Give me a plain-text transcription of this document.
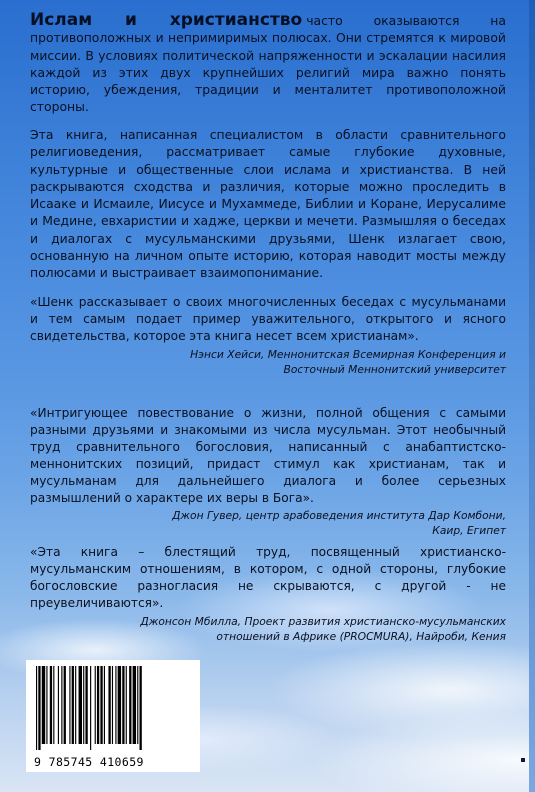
Ислам и христианство часто оказываются на противоположных и непримиримых полюсах. Они стремятся к мировой миссии. В условиях политической напряженности и эскалации насилия каждой из этих двух крупнейших религий мира важно понять историю, убеждения, традиции и менталитет противоположной стороны.
Эта книга, написанная специалистом в области сравнительного религиоведения, рассматривает самые глубокие духовные, культурные и общественные слои ислама и христианства. В ней раскрываются сходства и различия, которые можно проследить в Исааке и Исмаиле, Иисусе и Мухаммеде, Библии и Коране, Иерусалиме и Медине, евхаристии и хадже, церкви и мечети. Размышляя о беседах и диалогах с мусульманскими друзьями, Шенк излагает свою, основанную на личном опыте историю, которая наводит мосты между полюсами и выстраивает взаимопонимание.
«Шенк рассказывает о своих многочисленных беседах с мусульманами и тем самым подает пример уважительного, открытого и ясного свидетельства, которое эта книга несет всем христианам».
Нэнси Хейси, Меннонитская Всемирная Конференция и
Восточный Меннонитский университет
«Интригующее повествование о жизни, полной общения с самыми разными друзьями и знакомыми из числа мусульман. Этот необычный труд сравнительного богословия, написанный с анабаптистско-меннонитских позиций, придаст стимул как христианам, так и мусульманам для дальнейшего диалога и более серьезных размышлений о характере их веры в Бога».
Джон Гувер, центр арабоведения института Дар Комбони,
Каир, Египет
«Эта книга – блестящий труд, посвященный христианско-мусульманским отношениям, в котором, с одной стороны, глубокие богословские разногласия не скрываются, с другой - не преувеличиваются».
Джонсон Мбилла, Проект развития христианско-мусульманских
отношений в Африке (PROCMURA), Найроби, Кения
9 785745 410659
